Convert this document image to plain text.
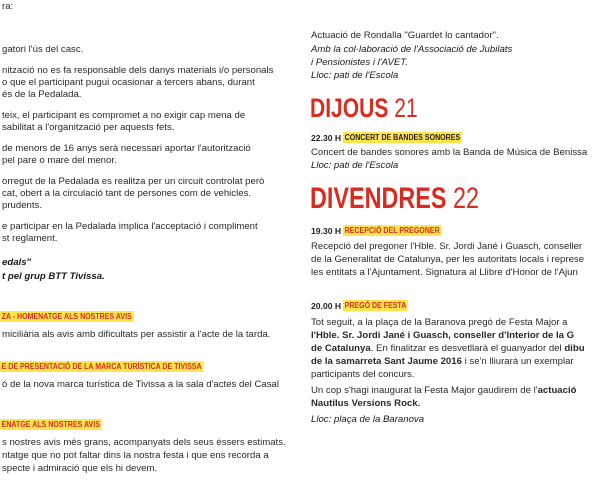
ra:
gatori l'ús del casc.
nització no es fa responsable dels danys materials i/o personals
o que el participant pugui ocasionar a tercers abans, durant
és de la Pedalada.
teix, el participant es compromet a no exigir cap mena de
sabilitat a l'organització per aquests fets.
de menors de 16 anys serà necessari aportar l'autorització
pel pare o mare del menor.
orregut de la Pedalada es realitza per un circuit controlat però
cat, obert a la circulació tant de persones com de vehicles.
prudents.
e participar en la Pedalada implica l'acceptació i compliment
st reglament.
edals"
t pel grup BTT Tivissa.
ZA - HOMENATGE ALS NOSTRES AVIS
miciliària als avis amb dificultats per assistir a l'acte de la tarda.
E DE PRESENTACIÓ DE LA MARCA TURÍSTICA DE TIVISSA
ó de la nova marca turística de Tivissa a la sala d'actes del Casal
ENATGE ALS NOSTRES AVIS
s nostres avis més grans, acompanyats dels seus éssers estimats.
ntatge que no pot faltar dins la nostra festa i que ens recorda a
specte i admiració que els hi devem.
Actuació de Rondalla "Guardet lo cantador".
Amb la col·laboració de l'Associació de Jubilats
i Pensionistes i l'AVET.
Lloc: pati de l'Escola
DIJOUS 21
22.30 H CONCERT DE BANDES SONORES
Concert de bandes sonores amb la Banda de Música de Benissa
Lloc: pati de l'Escola
DIVENDRES 22
19.30 H RECEPCIÓ DEL PREGONER
Recepció del pregoner l'Hble. Sr. Jordi Jané i Guasch, conseller
de la Generalitat de Catalunya, per les autoritats locals i represe
les entitats a l'Ajuntament. Signatura al Llibre d'Honor de l'Ajun
20.00 H PREGÓ DE FESTA
Tot seguit, a la plaça de la Baranova pregó de Festa Major a
l'Hble. Sr. Jordi Jané i Guasch, conseller d'Interior de la G
de Catalunya. En finalitzar es desvetllarà el guanyador del dibu
de la samarreta Sant Jaume 2016 i se'n lliurarà un exemplar
participants del concurs.
Un cop s'hagi inaugurat la Festa Major gaudirem de l'actuació
Nautilus Versions Rock.
Lloc: plaça de la Baranova
